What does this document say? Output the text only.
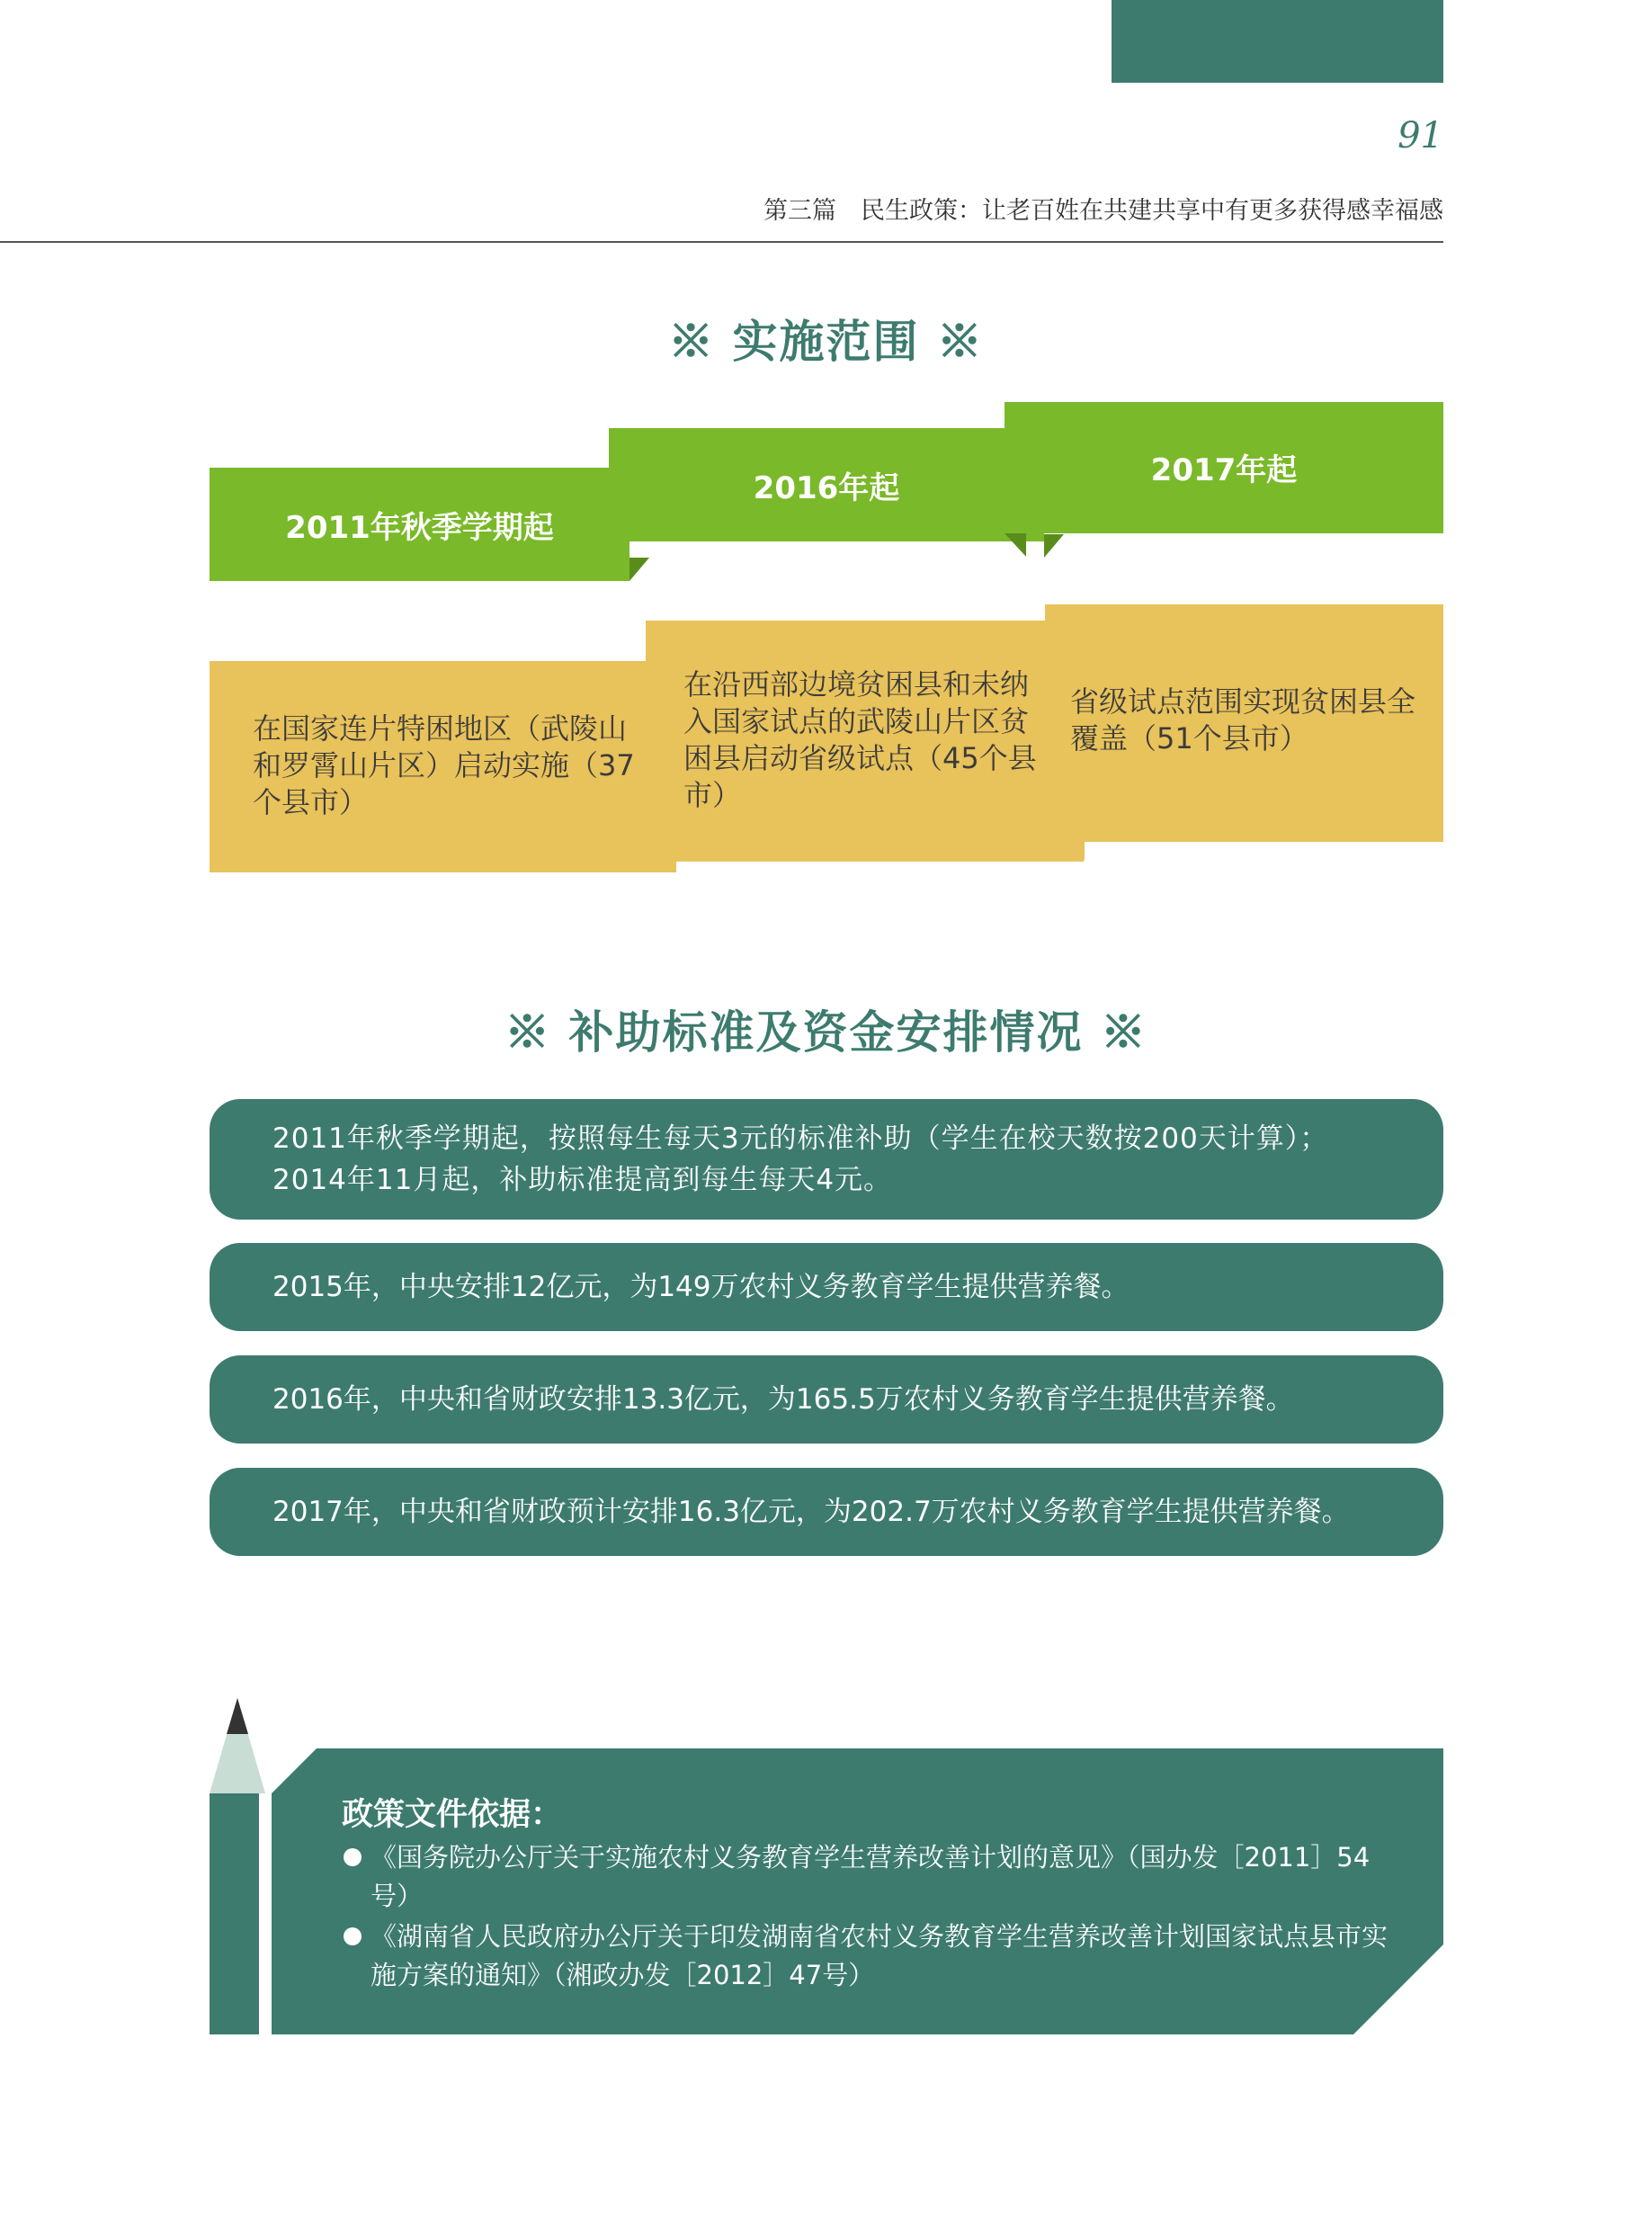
91
第三篇　民生政策：让老百姓在共建共享中有更多获得感幸福感
※ 实施范围 ※
2011年秋季学期起
在国家连片特困地区（武陵山和罗霄山片区）启动实施（37个县市）
2016年起
在沿西部边境贫困县和未纳入国家试点的武陵山片区贫困县启动省级试点（45个县市）
2017年起
省级试点范围实现贫困县全覆盖（51个县市）
※ 补助标准及资金安排情况 ※
2011年秋季学期起，按照每生每天3元的标准补助（学生在校天数按200天计算）；2014年11月起，补助标准提高到每生每天4元。
2015年，中央安排12亿元，为149万农村义务教育学生提供营养餐。
2016年，中央和省财政安排13.3亿元，为165.5万农村义务教育学生提供营养餐。
2017年，中央和省财政预计安排16.3亿元，为202.7万农村义务教育学生提供营养餐。
政策文件依据：
《国务院办公厅关于实施农村义务教育学生营养改善计划的意见》（国办发［2011］54号）
《湖南省人民政府办公厅关于印发湖南省农村义务教育学生营养改善计划国家试点县市实施方案的通知》（湘政办发［2012］47号）
